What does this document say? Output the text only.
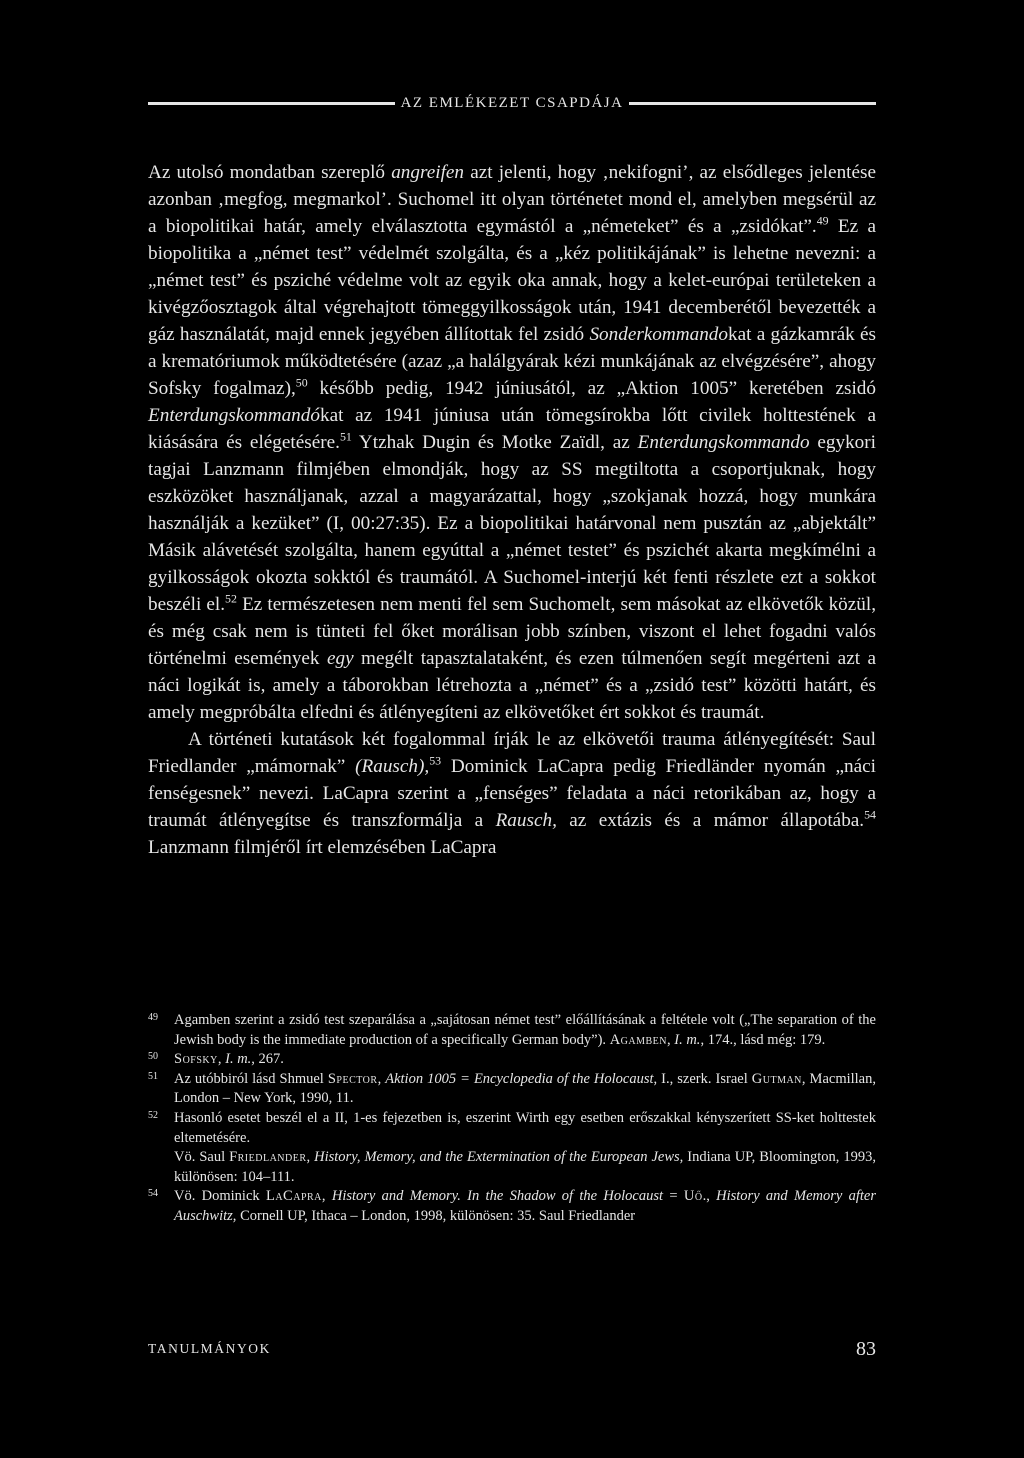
AZ EMLÉKEZET CSAPDÁJA

Az utolsó mondatban szereplő angreifen azt jelenti, hogy ‚nekifogni’, az elsődleges jelentése azonban ‚megfog, megmarkol’. Suchomel itt olyan történetet mond el, amelyben megsérül az a biopolitikai határ, amely elválasztotta egymástól a „németeket” és a „zsidókat”.$^{49}$ Ez a biopolitika a „német test” védelmét szolgálta, és a „kéz politikájának” is lehetne nevezni: a „német test” és psziché védelme volt az egyik oka annak, hogy a kelet-európai területeken a kivégzőosztagok által végrehajtott tömeggyilkosságok után, 1941 decemberétől bevezették a gáz használatát, majd ennek jegyében állítottak fel zsidó Sonderkommandokat a gázkamrák és a krematóriumok működtetésére (azaz „a halálgyárak kézi munkájának az elvégzésére”, ahogy Sofsky fogalmaz),$^{50}$ később pedig, 1942 júniusától, az „Aktion 1005” keretében zsidó Enterdungskommandókat az 1941 júniusa után tömegsírokba lőtt civilek holttestének a kiásására és elégetésére.$^{51}$ Ytzhak Dugin és Motke Zaïdl, az Enterdungskommando egykori tagjai Lanzmann filmjében elmondják, hogy az SS megtiltotta a csoportjuknak, hogy eszközöket használjanak, azzal a magyarázattal, hogy „szokjanak hozzá, hogy munkára használják a kezüket” (I, 00:27:35). Ez a biopolitikai határvonal nem pusztán az „abjektált” Másik alávetését szolgálta, hanem egyúttal a „német testet” és pszichét akarta megkímélni a gyilkosságok okozta sokktól és traumától. A Suchomel-interjú két fenti részlete ezt a sokkot beszéli el.$^{52}$ Ez természetesen nem menti fel sem Suchomelt, sem másokat az elkövetők közül, és még csak nem is tünteti fel őket morálisan jobb színben, viszont el lehet fogadni valós történelmi események egy megélt tapasztalataként, és ezen túlmenően segít megérteni azt a náci logikát is, amely a táborokban létrehozta a „német” és a „zsidó test” közötti határt, és amely megpróbálta elfedni és átlényegíteni az elkövetőket ért sokkot és traumát.

A történeti kutatások két fogalommal írják le az elkövetői trauma átlényegítését: Saul Friedlander „mámornak” (Rausch),$^{53}$ Dominick LaCapra pedig Friedländer nyomán „náci fenségesnek” nevezi. LaCapra szerint a „fenséges” feladata a náci retorikában az, hogy a traumát átlényegítse és transzformálja a Rausch, az extázis és a mámor állapotába.$^{54}$ Lanzmann filmjéről írt elemzésében LaCapra

49	Agamben szerint a zsidó test szeparálása a „sajátosan német test” előállításának a feltétele volt („The separation of the Jewish body is the immediate production of a specifically German body”). Agamben, I. m., 174., lásd még: 179.
50	Sofsky, I. m., 267.
51	Az utóbbiról lásd Shmuel Spector, Aktion 1005 = Encyclopedia of the Holocaust, I., szerk. Israel Gutman, Macmillan, London – New York, 1990, 11.
52	Hasonló esetet beszél el a II, 1-es fejezetben is, eszerint Wirth egy esetben erőszakkal kényszerített SS-ket holttestek eltemetésére.
Vö. Saul Friedlander, History, Memory, and the Extermination of the European Jews, Indiana UP, Bloomington, 1993, különösen: 104–111.
54	Vö. Dominick LaCapra, History and Memory. In the Shadow of the Holocaust = Uő., History and Memory after Auschwitz, Cornell UP, Ithaca – London, 1998, különösen: 35. Saul Friedlander
TANULMÁNYOK	83
